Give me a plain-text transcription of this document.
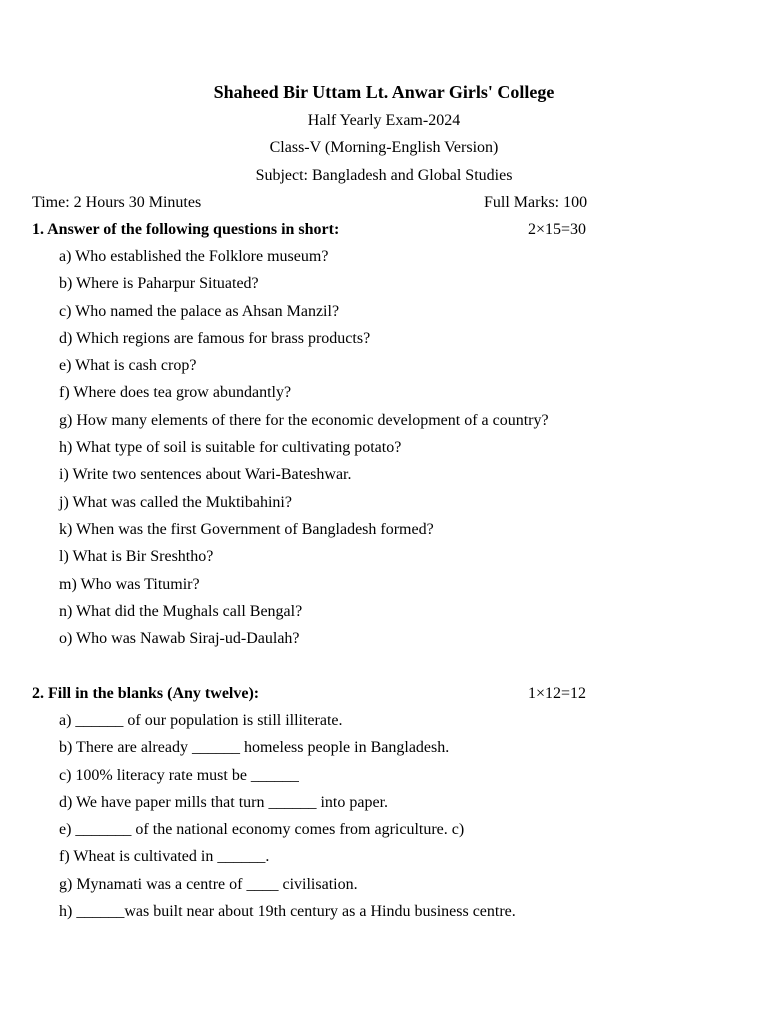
Shaheed Bir Uttam Lt. Anwar Girls' College
Half Yearly Exam-2024
Class-V (Morning-English Version)
Subject: Bangladesh and Global Studies
Time: 2 Hours 30 Minutes	Full Marks: 100
1. Answer of the following questions in short:	2×15=30
a) Who established the Folklore museum?
b) Where is Paharpur Situated?
c) Who named the palace as Ahsan Manzil?
d) Which regions are famous for brass products?
e) What is cash crop?
f) Where does tea grow abundantly?
g) How many elements of there for the economic development of a country?
h) What type of soil is suitable for cultivating potato?
i) Write two sentences about Wari-Bateshwar.
j) What was called the Muktibahini?
k) When was the first Government of Bangladesh formed?
l) What is Bir Sreshtho?
m) Who was Titumir?
n) What did the Mughals call Bengal?
o) Who was Nawab Siraj-ud-Daulah?
2. Fill in the blanks (Any twelve):	1×12=12
a) ______ of our population is still illiterate.
b) There are already ______ homeless people in Bangladesh.
c) 100% literacy rate must be ______
d) We have paper mills that turn ______ into paper.
e) _______ of the national economy comes from agriculture. c)
f) Wheat is cultivated in ______.
g) Mynamati was a centre of ____ civilisation.
h) ______was built near about 19th century as a Hindu business centre.
